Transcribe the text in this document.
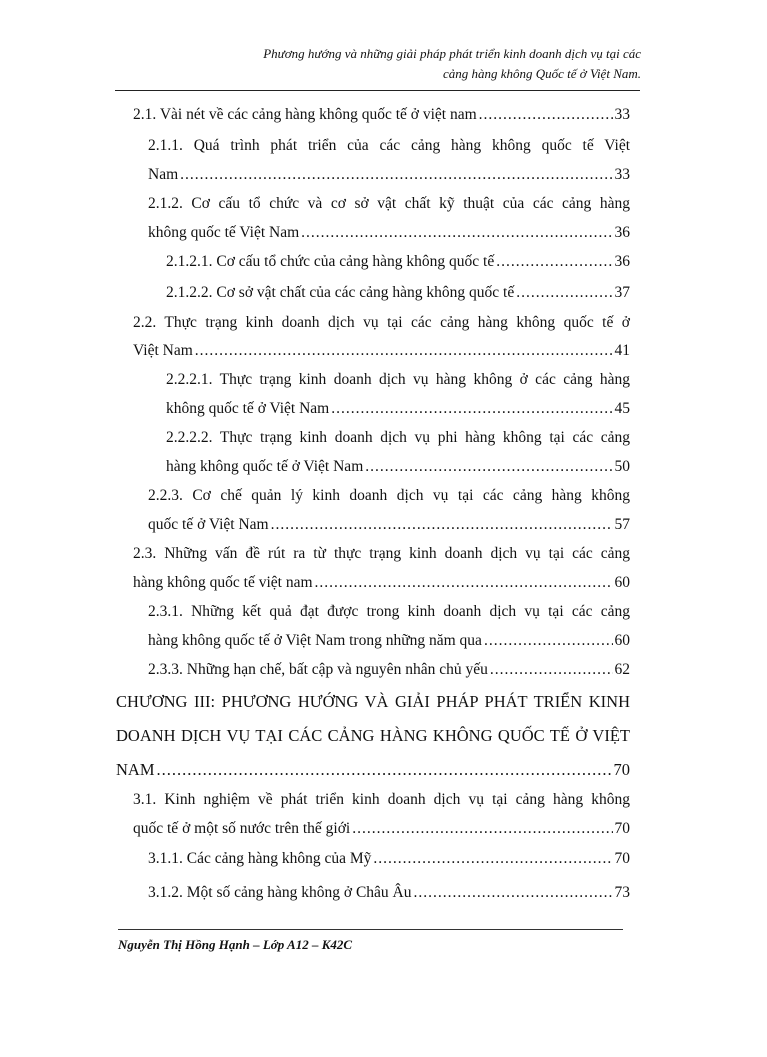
Phương hướng và những giải pháp phát triển kinh doanh dịch vụ tại các
cảng hàng không Quốc tế ở Việt Nam.
2.1. Vài nét về các cảng hàng không quốc tế ở việt nam .....	33
2.1.1. Quá trình phát triển của các cảng hàng không quốc tế Việt
Nam .....	33
2.1.2. Cơ cấu tổ chức và cơ sở vật chất kỹ thuật của các cảng hàng
không quốc tế Việt Nam .....	36
2.1.2.1. Cơ cấu tổ chức của cảng hàng không quốc tế .....	36
2.1.2.2. Cơ sở vật chất của các cảng hàng không quốc tế .....	37
2.2. Thực trạng kinh doanh dịch vụ tại các cảng hàng không quốc tế ở
Việt Nam .....	41
2.2.2.1. Thực trạng kinh doanh dịch vụ hàng không ở các cảng hàng
không quốc tế ở Việt Nam .....	45
2.2.2.2. Thực trạng kinh doanh dịch vụ phi hàng không tại các cảng
hàng không quốc tế ở Việt Nam .....	50
2.2.3. Cơ chế quản lý kinh doanh dịch vụ tại các cảng hàng không
quốc tế ở Việt Nam .....	57
2.3. Những vấn đề rút ra từ thực trạng kinh doanh dịch vụ tại các cảng
hàng không quốc tế việt nam .....	60
2.3.1. Những kết quả đạt được trong kinh doanh dịch vụ tại các cảng
hàng không quốc tế ở Việt Nam trong những năm qua .....	60
2.3.3. Những hạn chế, bất cập và nguyên nhân chủ yếu .....	62
CHƯƠNG III: PHƯƠNG HƯỚNG VÀ GIẢI PHÁP PHÁT TRIỂN KINH
DOANH DỊCH VỤ TẠI CÁC CẢNG HÀNG KHÔNG QUỐC TẾ Ở VIỆT
NAM .....	70
3.1. Kinh nghiệm về phát triển kinh doanh dịch vụ tại cảng hàng không
quốc tế ở một số nước trên thế giới .....	70
3.1.1. Các cảng hàng không của Mỹ .....	70
3.1.2. Một số cảng hàng không ở Châu Âu .....	73
Nguyễn Thị Hồng Hạnh – Lớp A12 – K42C
